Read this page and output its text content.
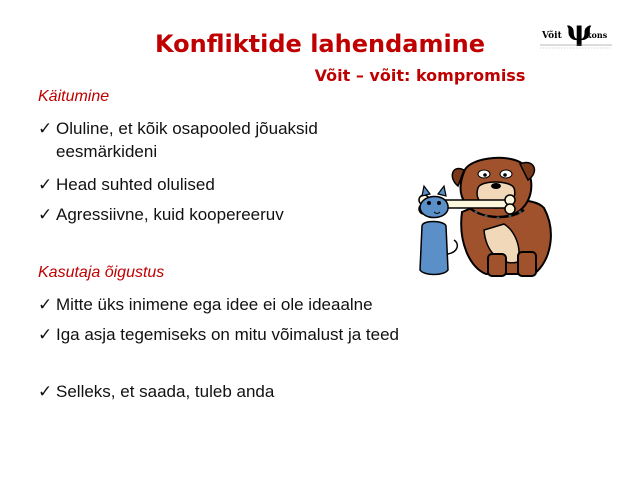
Konfliktide lahendamine
Võit – võit: kompromiss
Võit ψ
kons
Käitumine
✓ Oluline, et kõik osapooled jõuaksid eesmärkideni
✓ Head suhted olulised
✓ Agressiivne, kuid koopereeruv
Kasutaja õigustus
✓ Mitte üks inimene ega idee ei ole ideaalne
✓ Iga asja tegemiseks on mitu võimalust ja teed
✓ Selleks, et saada, tuleb anda
